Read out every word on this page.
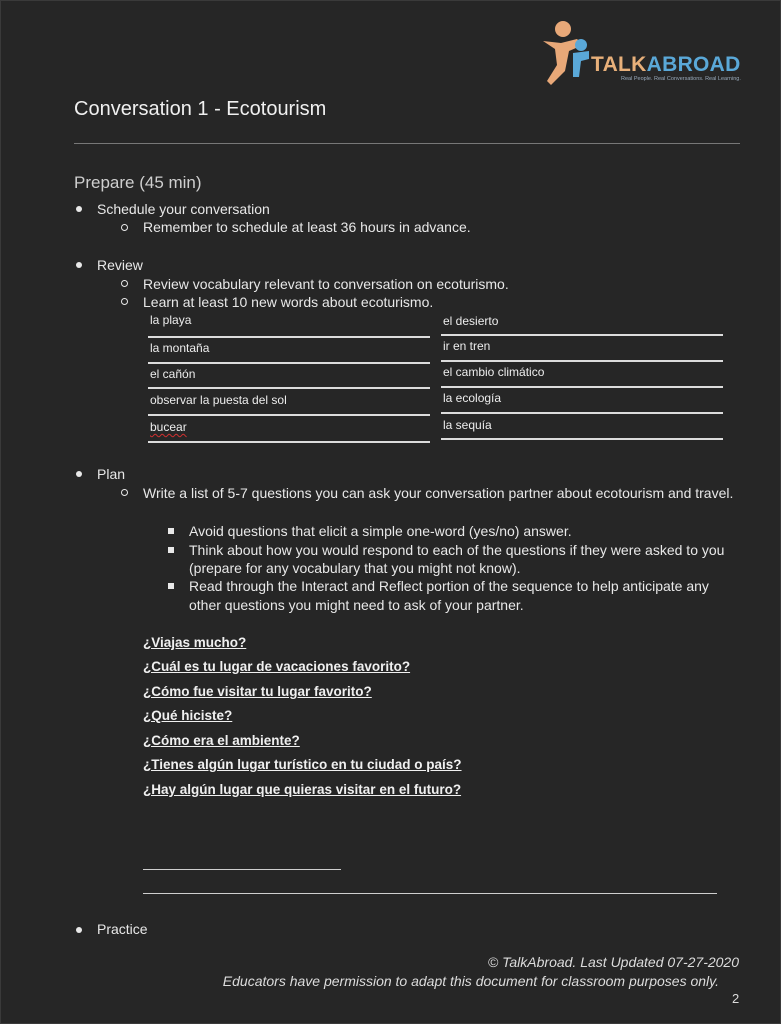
TALKABROAD
Real People. Real Conversations. Real Learning.
Conversation 1 - Ecotourism
Prepare (45 min)
Schedule your conversation
Remember to schedule at least 36 hours in advance.
Review
Review vocabulary relevant to conversation on ecoturismo.
Learn at least 10 new words about ecoturismo.
la playa
la montaña
el cañón
observar la puesta del sol
bucear
el desierto
ir en tren
el cambio climático
la ecología
la sequía
Plan
Write a list of 5-7 questions you can ask your conversation partner about ecotourism and travel.
Avoid questions that elicit a simple one-word (yes/no) answer.
Think about how you would respond to each of the questions if they were asked to you
(prepare for any vocabulary that you might not know).
Read through the Interact and Reflect portion of the sequence to help anticipate any
other questions you might need to ask of your partner.
¿Viajas mucho?
¿Cuál es tu lugar de vacaciones favorito?
¿Cómo fue visitar tu lugar favorito?
¿Qué hiciste?
¿Cómo era el ambiente?
¿Tienes algún lugar turístico en tu ciudad o país?
¿Hay algún lugar que quieras visitar en el futuro?
Practice
© TalkAbroad. Last Updated 07-27-2020
Educators have permission to adapt this document for classroom purposes only.
2
